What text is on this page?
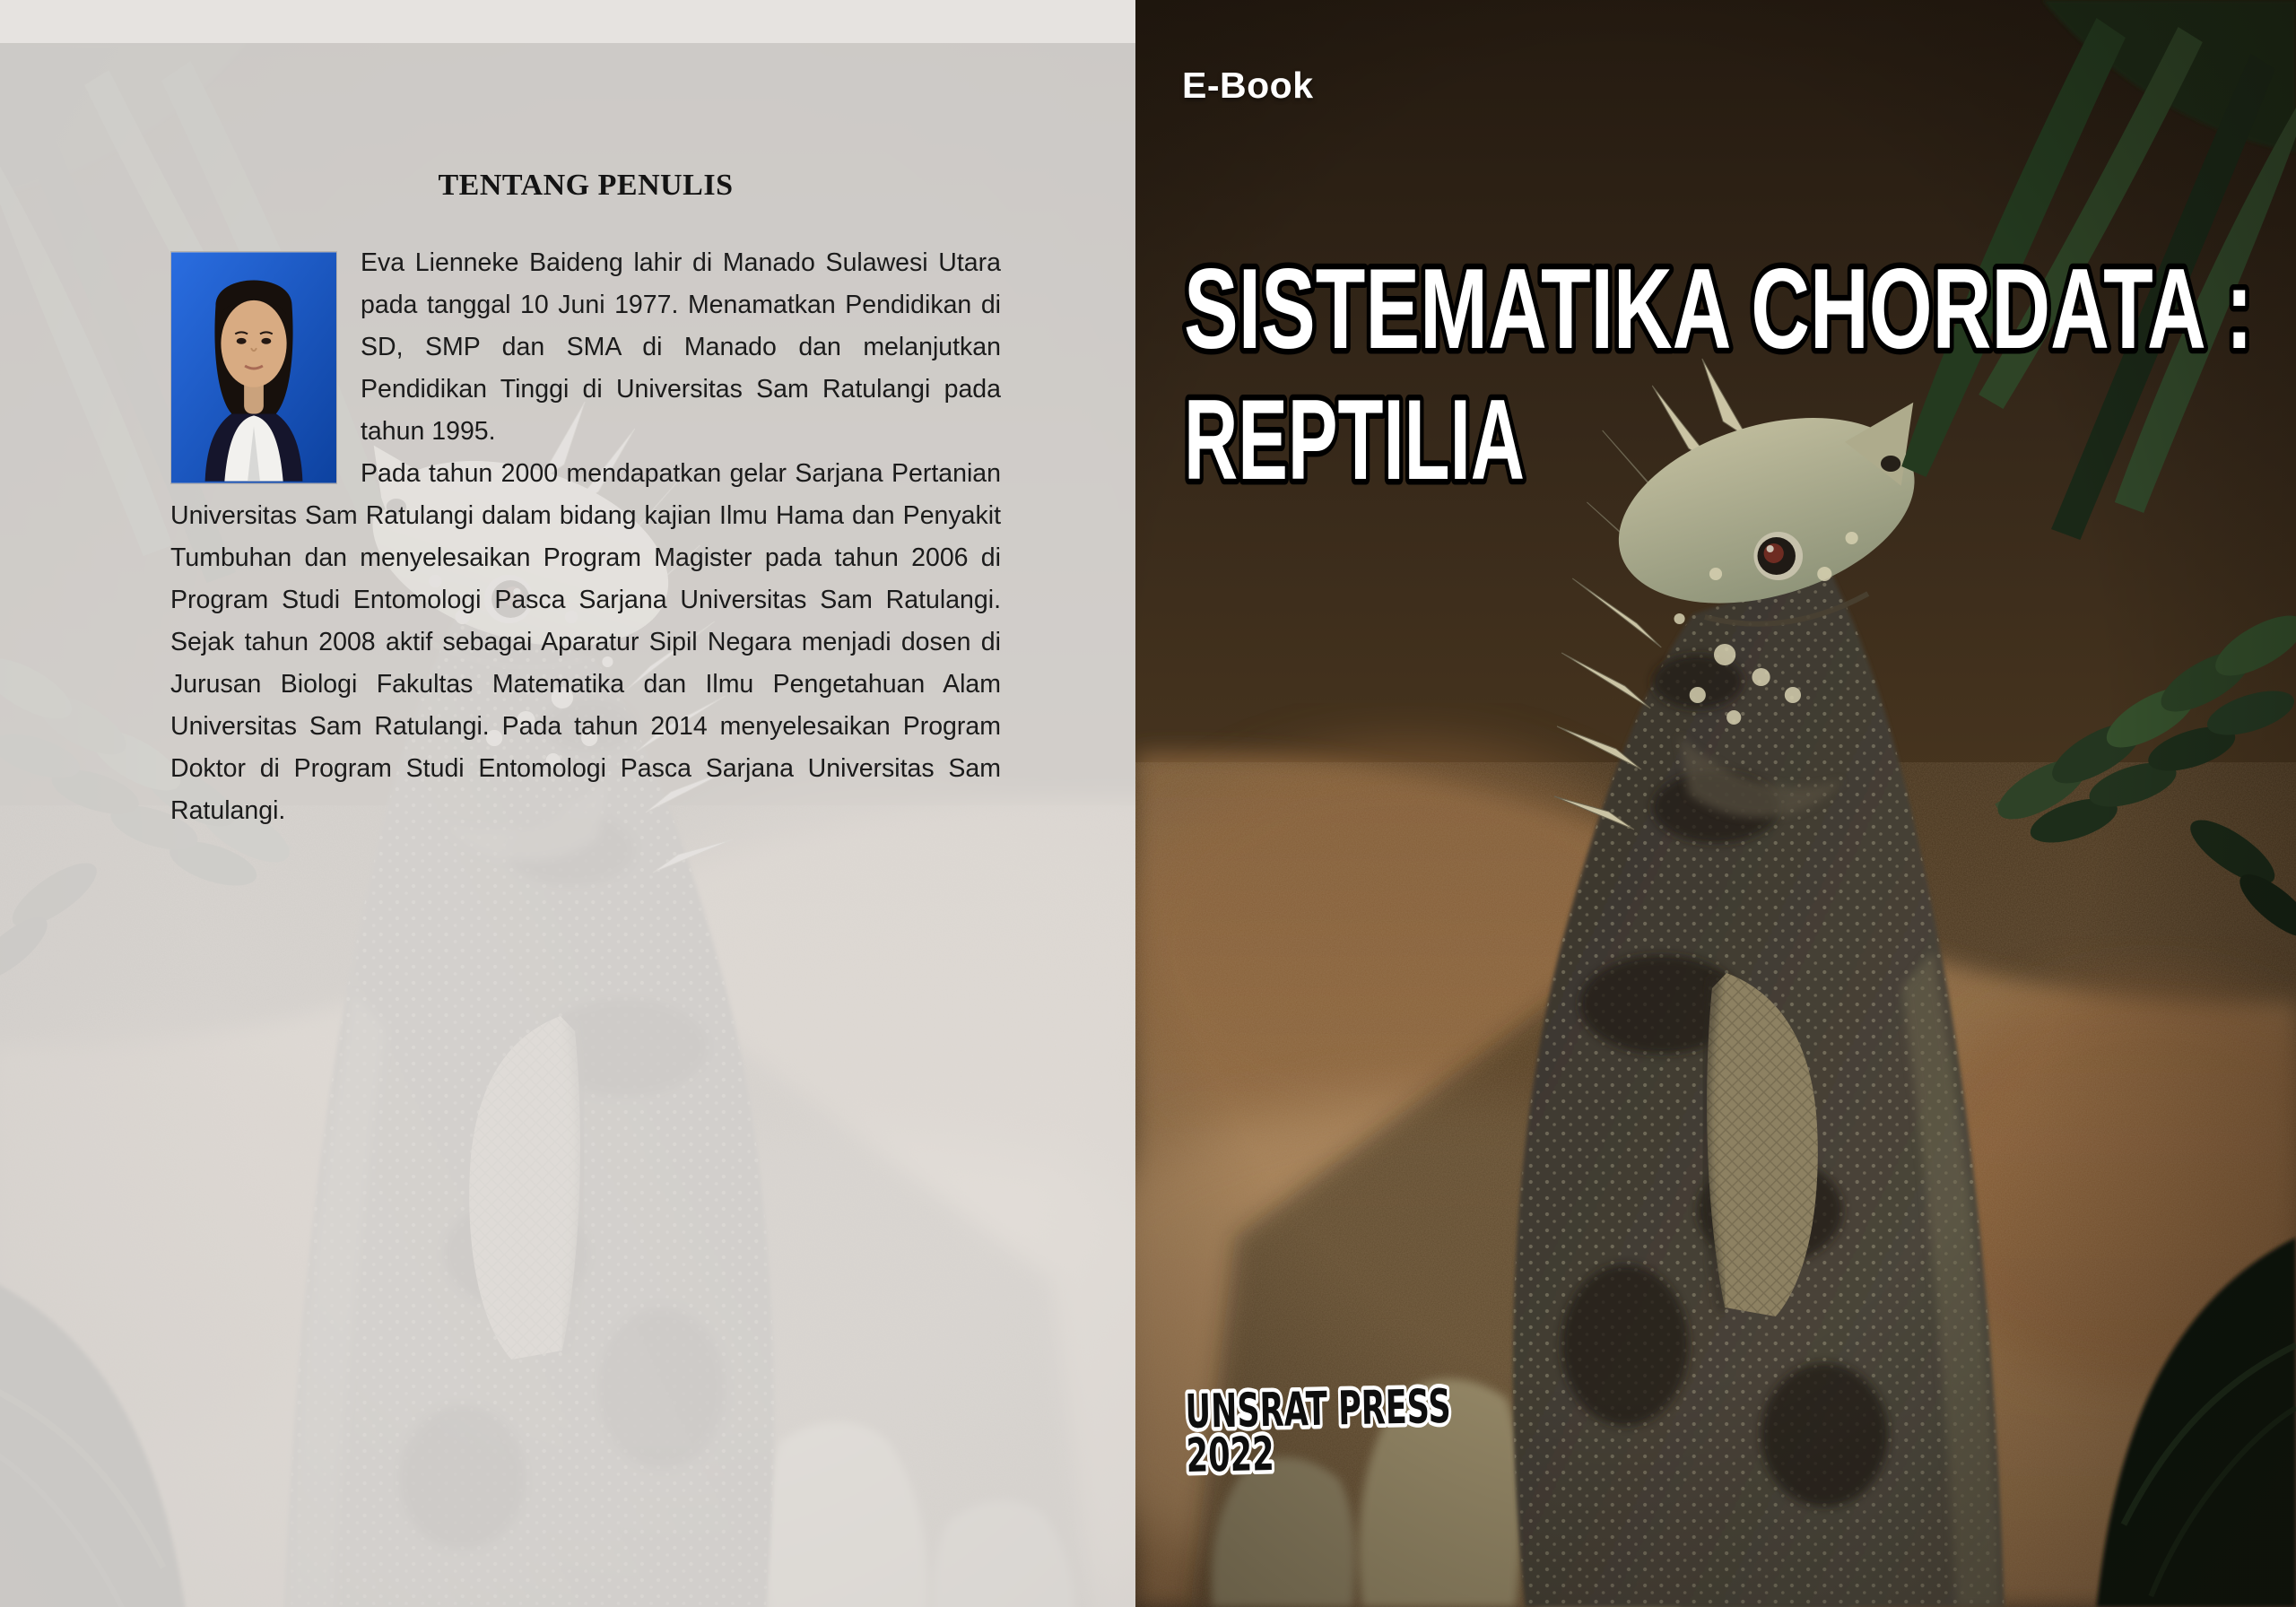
E-Book
SISTEMATIKA CHORDATA :
REPTILIA
UNSRAT PRESS
2022
TENTANG PENULIS

Eva Lienneke Baideng lahir di Manado Sulawesi Utara pada tanggal 10 Juni 1977. Menamatkan Pendidikan di SD, SMP dan SMA di Manado dan melanjutkan Pendidikan Tinggi di Universitas Sam Ratulangi pada tahun 1995.

Pada tahun 2000 mendapatkan gelar Sarjana Pertanian Universitas Sam Ratulangi dalam bidang kajian Ilmu Hama dan Penyakit Tumbuhan dan menyelesaikan Program Magister pada tahun 2006 di Program Studi Entomologi Pasca Sarjana Universitas Sam Ratulangi. Sejak tahun 2008 aktif sebagai Aparatur Sipil Negara menjadi dosen di Jurusan Biologi Fakultas Matematika dan Ilmu Pengetahuan Alam Universitas Sam Ratulangi. Pada tahun 2014 menyelesaikan Program Doktor di Program Studi Entomologi Pasca Sarjana Universitas Sam Ratulangi.
